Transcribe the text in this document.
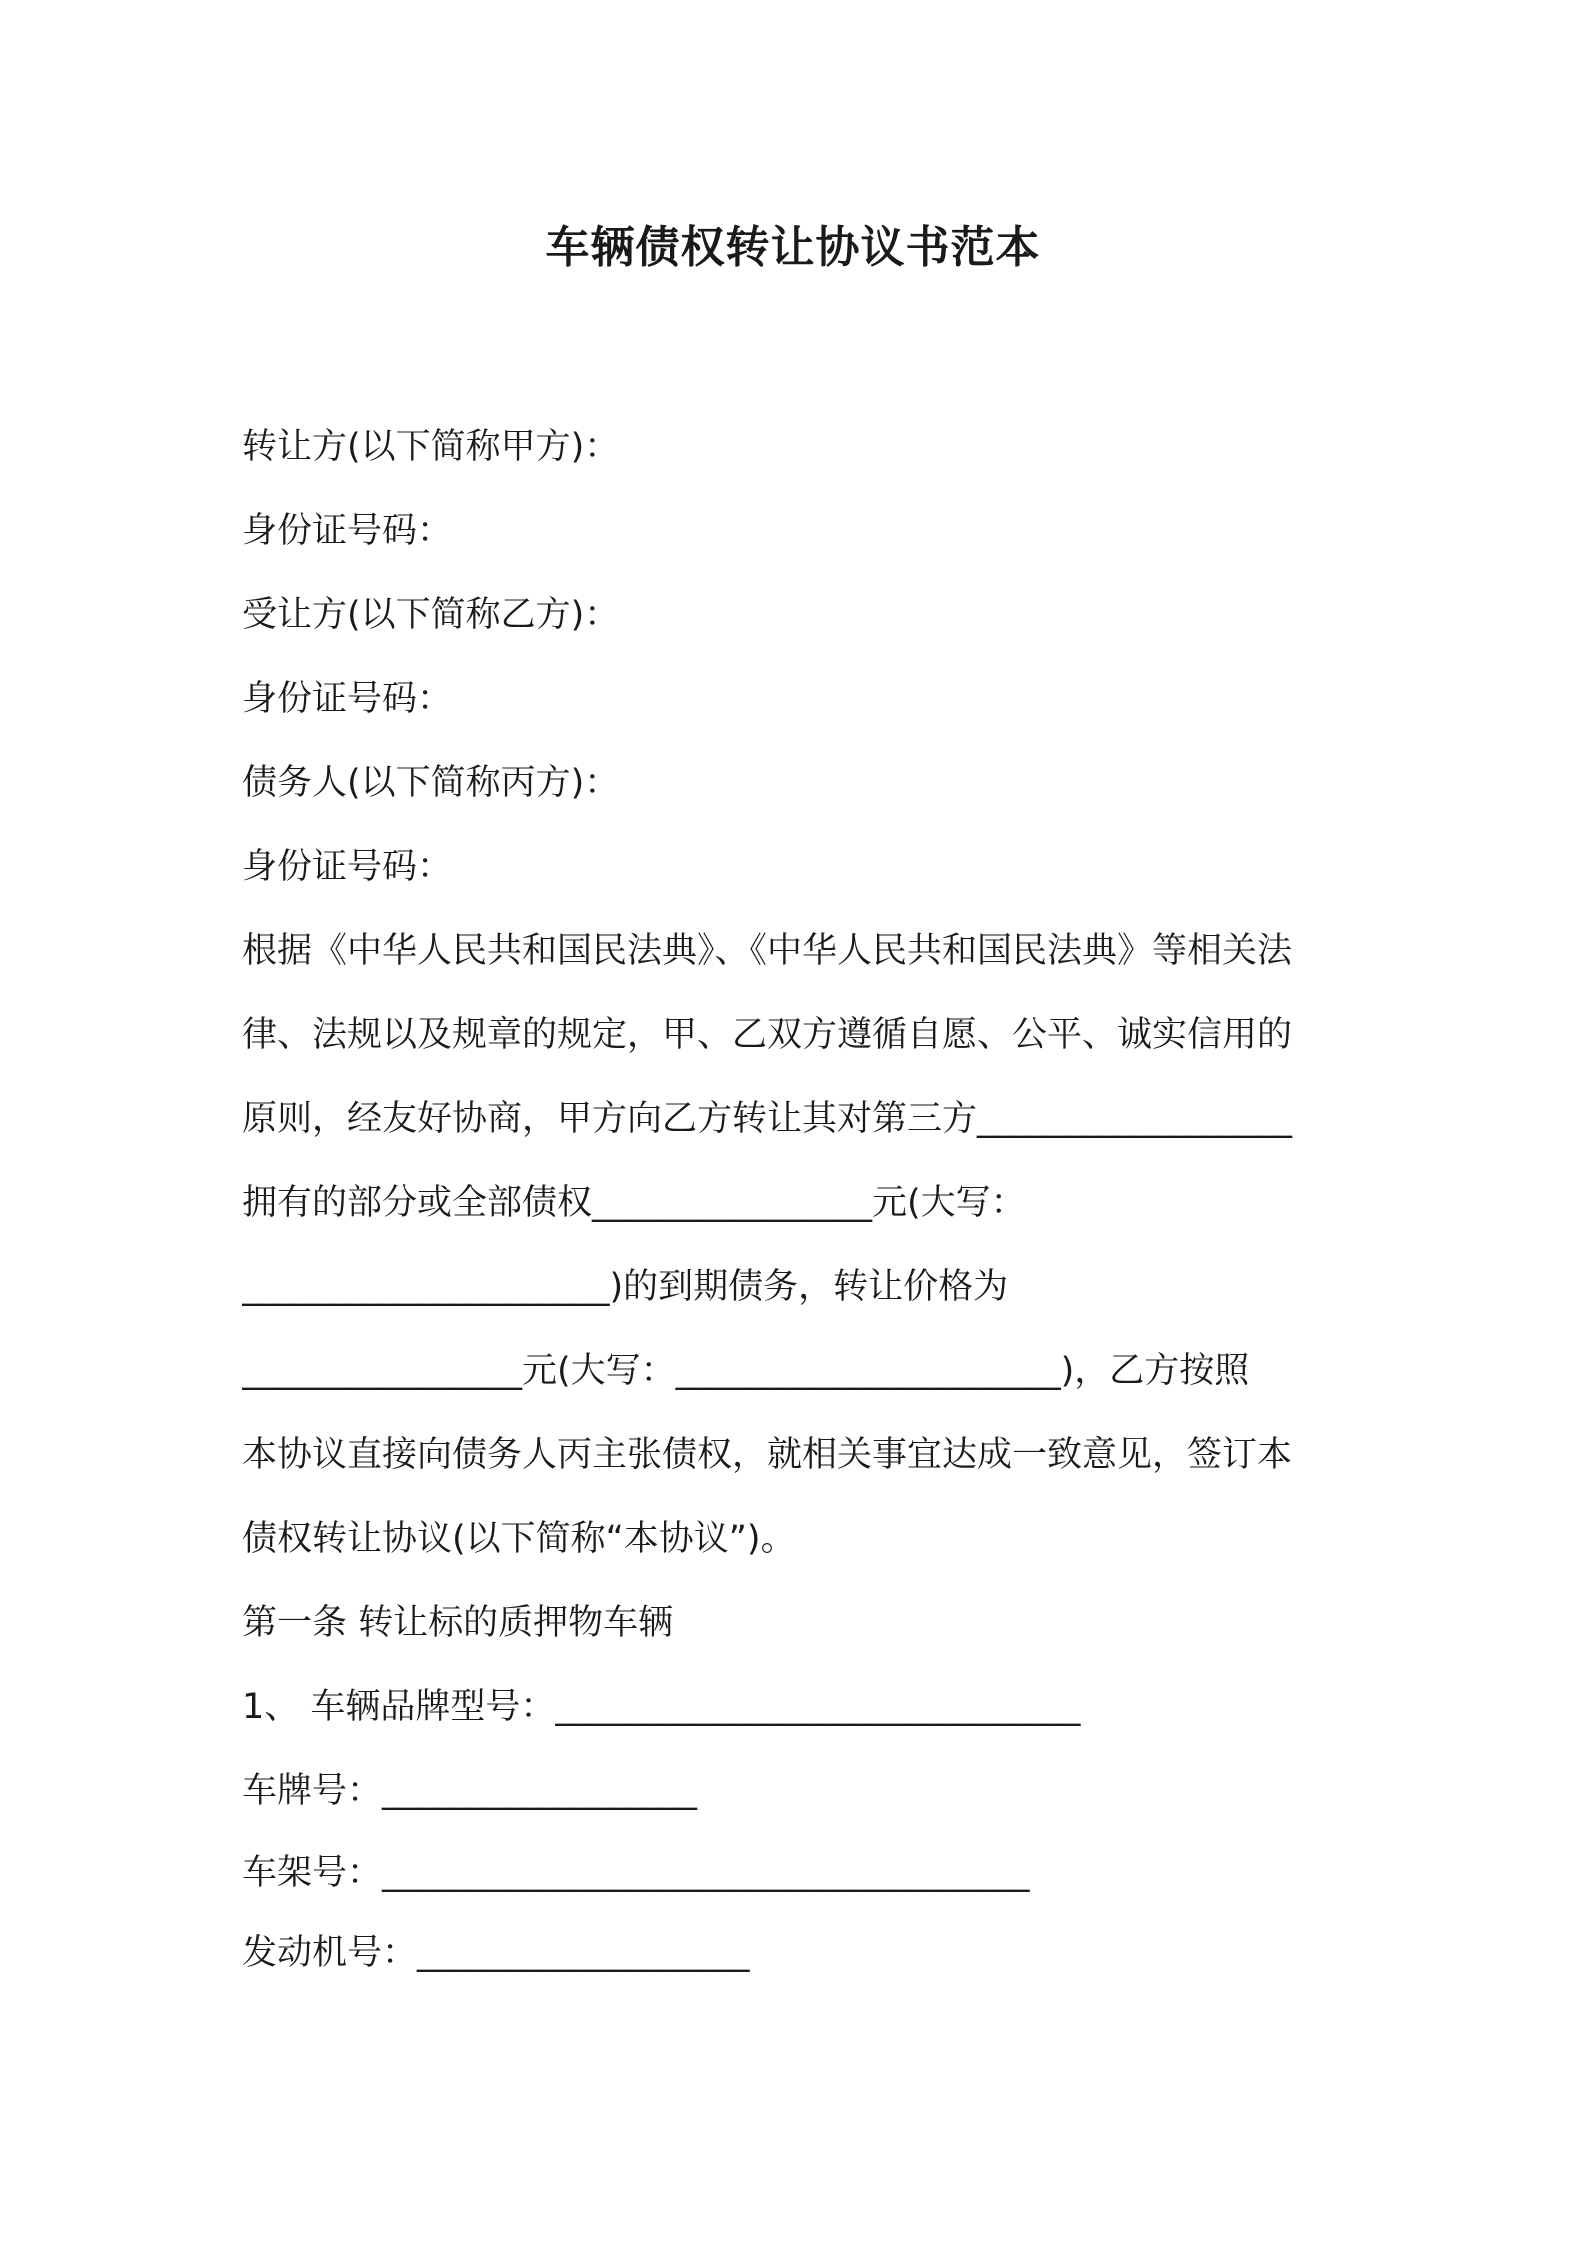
车辆债权转让协议书范本
转让方(以下简称甲方)：
身份证号码：
受让方(以下简称乙方)：
身份证号码：
债务人(以下简称丙方)：
身份证号码：
根据《中华人民共和国民法典》、《中华人民共和国民法典》等相关法
律、法规以及规章的规定，甲、乙双方遵循自愿、公平、诚实信用的
原则，经友好协商，甲方向乙方转让其对第三方__________________
拥有的部分或全部债权________________元(大写：
_____________________)的到期债务，转让价格为
________________元(大写：______________________)，乙方按照
本协议直接向债务人丙主张债权，就相关事宜达成一致意见，签订本
债权转让协议(以下简称“本协议”)。
第一条 转让标的质押物车辆
1、 车辆品牌型号：______________________________
车牌号：__________________
车架号：_____________________________________
发动机号：___________________
